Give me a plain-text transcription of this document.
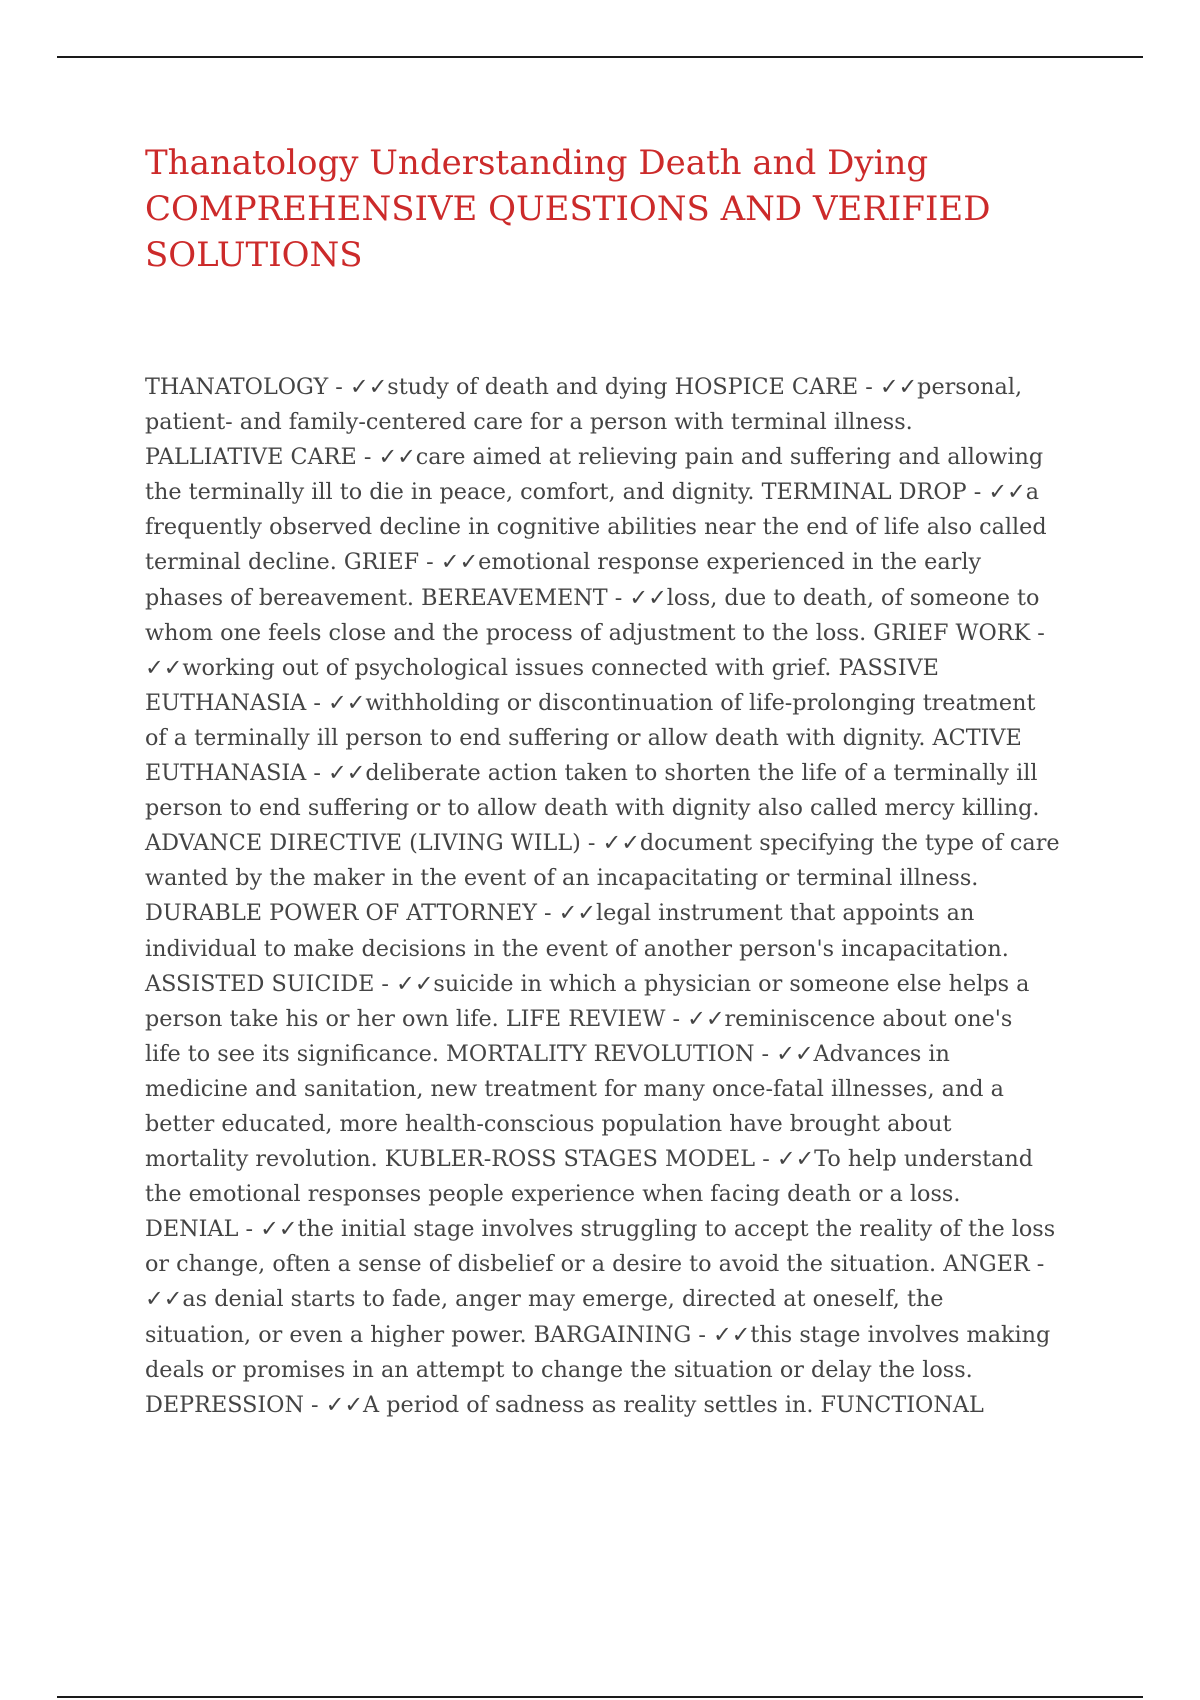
Thanatology Understanding Death and Dying
COMPREHENSIVE QUESTIONS AND VERIFIED
SOLUTIONS
THANATOLOGY - ✓✓study of death and dying HOSPICE CARE - ✓✓personal,
patient- and family-centered care for a person with terminal illness.
PALLIATIVE CARE - ✓✓care aimed at relieving pain and suffering and allowing
the terminally ill to die in peace, comfort, and dignity. TERMINAL DROP - ✓✓a
frequently observed decline in cognitive abilities near the end of life also called
terminal decline. GRIEF - ✓✓emotional response experienced in the early
phases of bereavement. BEREAVEMENT - ✓✓loss, due to death, of someone to
whom one feels close and the process of adjustment to the loss. GRIEF WORK -
✓✓working out of psychological issues connected with grief. PASSIVE
EUTHANASIA - ✓✓withholding or discontinuation of life-prolonging treatment
of a terminally ill person to end suffering or allow death with dignity. ACTIVE
EUTHANASIA - ✓✓deliberate action taken to shorten the life of a terminally ill
person to end suffering or to allow death with dignity also called mercy killing.
ADVANCE DIRECTIVE (LIVING WILL) - ✓✓document specifying the type of care
wanted by the maker in the event of an incapacitating or terminal illness.
DURABLE POWER OF ATTORNEY - ✓✓legal instrument that appoints an
individual to make decisions in the event of another person's incapacitation.
ASSISTED SUICIDE - ✓✓suicide in which a physician or someone else helps a
person take his or her own life. LIFE REVIEW - ✓✓reminiscence about one's
life to see its significance. MORTALITY REVOLUTION - ✓✓Advances in
medicine and sanitation, new treatment for many once-fatal illnesses, and a
better educated, more health-conscious population have brought about
mortality revolution. KUBLER-ROSS STAGES MODEL - ✓✓To help understand
the emotional responses people experience when facing death or a loss.
DENIAL - ✓✓the initial stage involves struggling to accept the reality of the loss
or change, often a sense of disbelief or a desire to avoid the situation. ANGER -
✓✓as denial starts to fade, anger may emerge, directed at oneself, the
situation, or even a higher power. BARGAINING - ✓✓this stage involves making
deals or promises in an attempt to change the situation or delay the loss.
DEPRESSION - ✓✓A period of sadness as reality settles in. FUNCTIONAL
